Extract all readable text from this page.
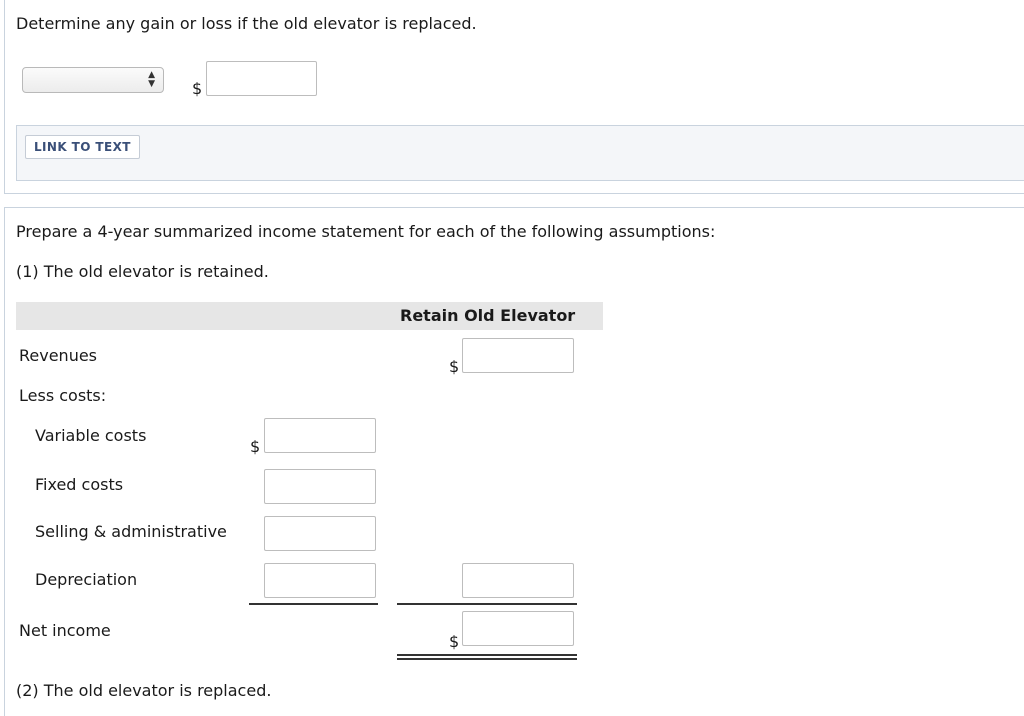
Determine any gain or loss if the old elevator is replaced.
▲
▼ $
LINK TO TEXT
Prepare a 4-year summarized income statement for each of the following assumptions:
(1) The old elevator is retained.
Retain Old Elevator
Revenues
$
Less costs:
Variable costs
$
Fixed costs
Selling & administrative
Depreciation
Net income
$
(2) The old elevator is replaced.
